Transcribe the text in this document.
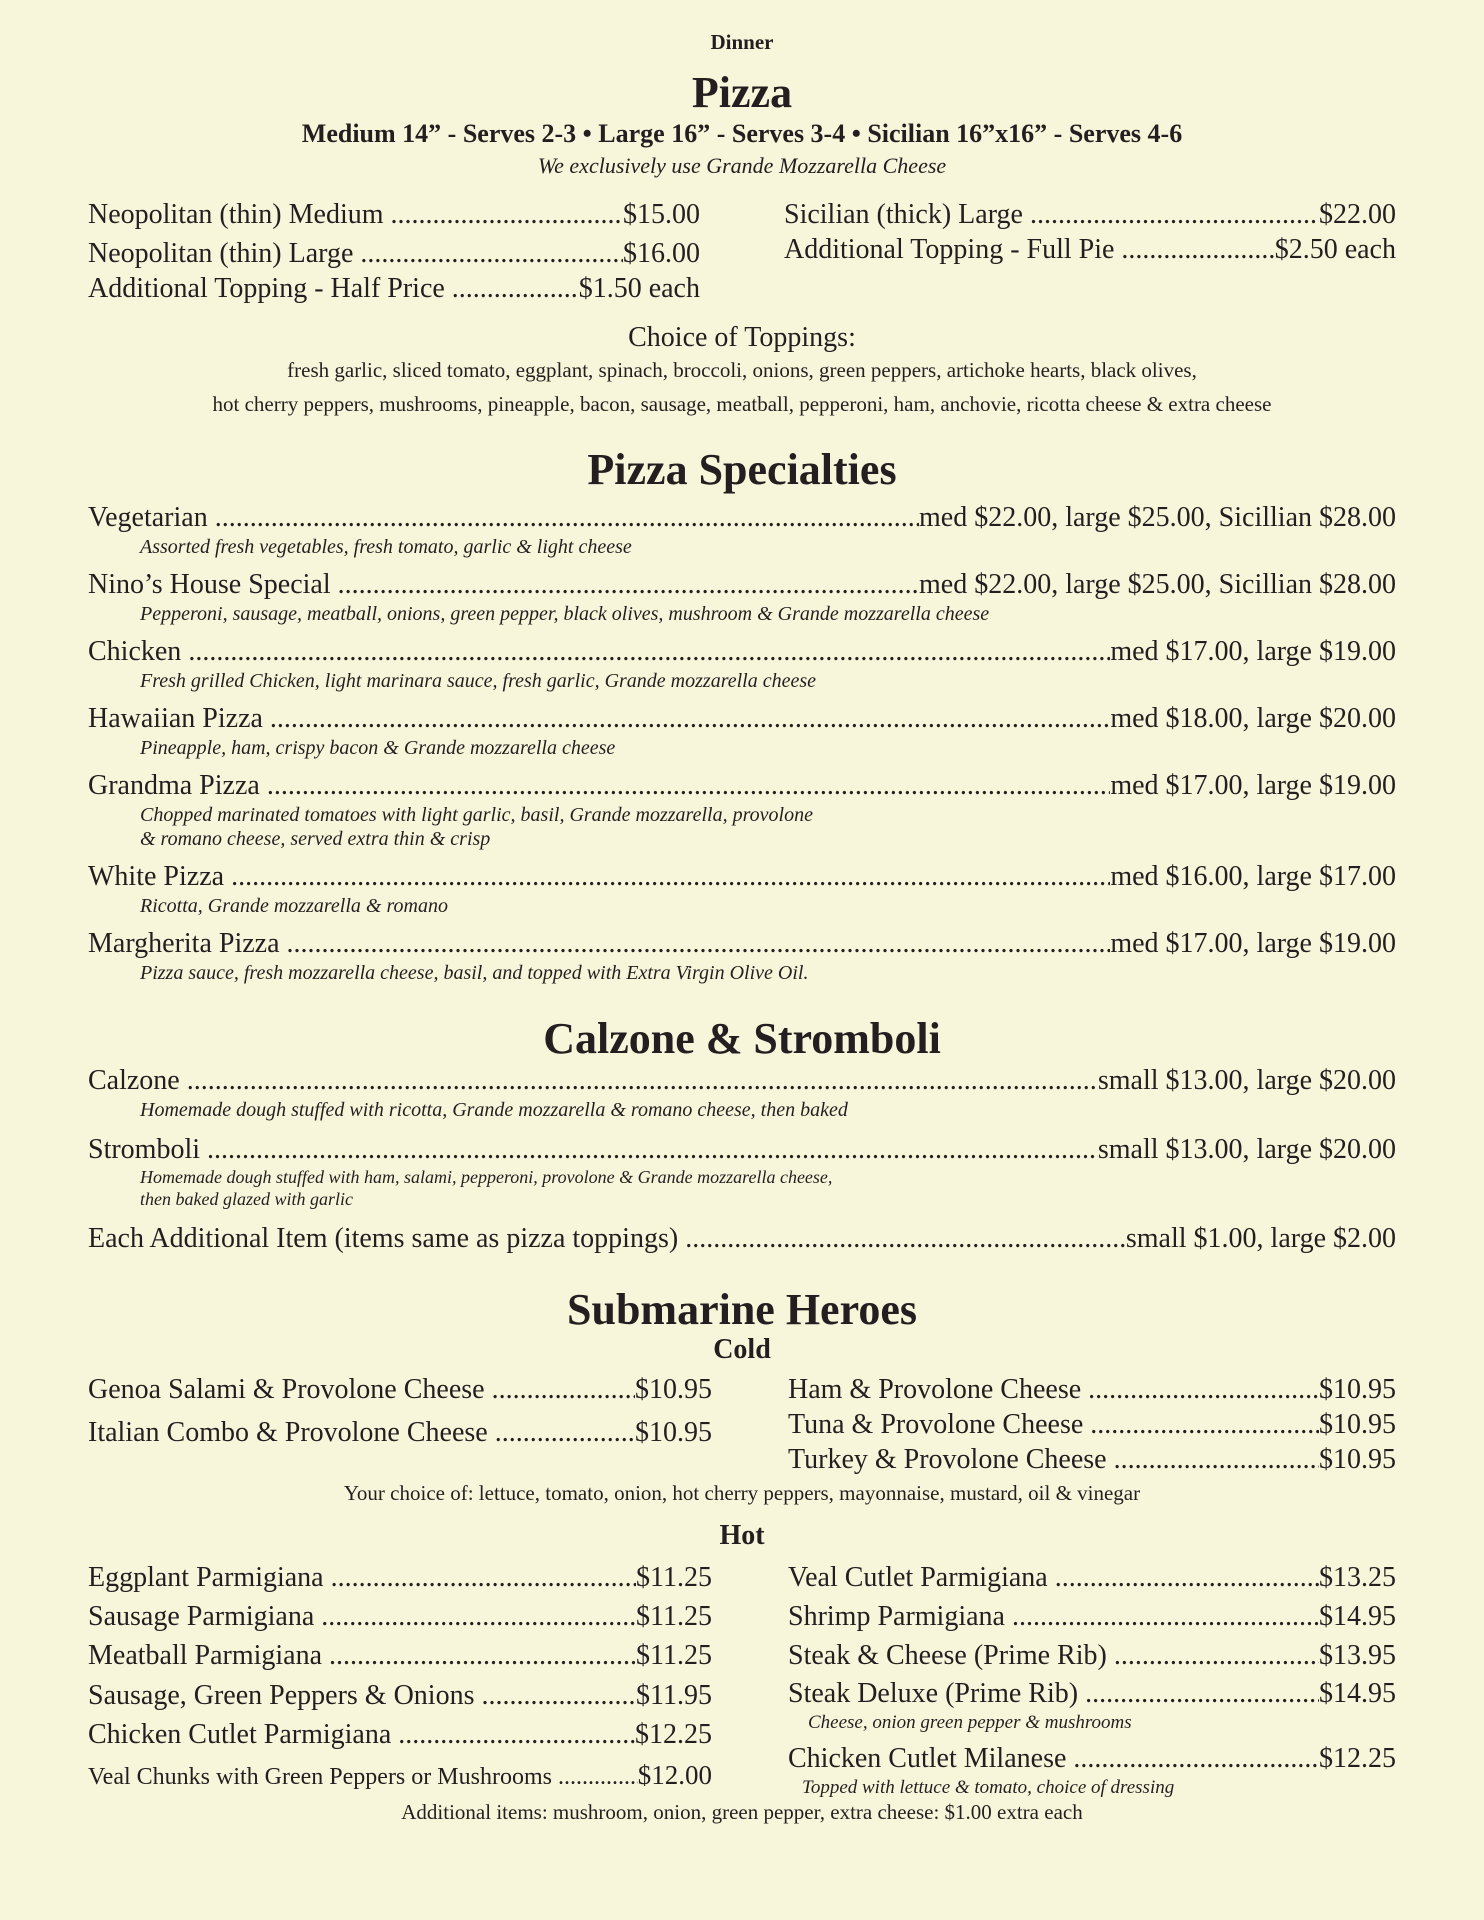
Dinner
Pizza
Medium 14” - Serves 2-3 • Large 16” - Serves 3-4 • Sicilian 16”x16” - Serves 4-6
We exclusively use Grande Mozzarella Cheese
Neopolitan (thin) Medium .....	$15.00
Neopolitan (thin) Large .....	$16.00
Additional Topping - Half Price .....	$1.50 each
Sicilian (thick) Large .....	$22.00
Additional Topping - Full Pie .....	$2.50 each
Choice of Toppings:
fresh garlic, sliced tomato, eggplant, spinach, broccoli, onions, green peppers, artichoke hearts, black olives,
hot cherry peppers, mushrooms, pineapple, bacon, sausage, meatball, pepperoni, ham, anchovie, ricotta cheese & extra cheese
Pizza Specialties
Vegetarian .....	med $22.00, large $25.00, Sicillian $28.00
Assorted fresh vegetables, fresh tomato, garlic & light cheese
Nino’s House Special .....	med $22.00, large $25.00, Sicillian $28.00
Pepperoni, sausage, meatball, onions, green pepper, black olives, mushroom & Grande mozzarella cheese
Chicken .....	med $17.00, large $19.00
Fresh grilled Chicken, light marinara sauce, fresh garlic, Grande mozzarella cheese
Hawaiian Pizza .....	med $18.00, large $20.00
Pineapple, ham, crispy bacon & Grande mozzarella cheese
Grandma Pizza .....	med $17.00, large $19.00
Chopped marinated tomatoes with light garlic, basil, Grande mozzarella, provolone
& romano cheese, served extra thin & crisp
White Pizza .....	med $16.00, large $17.00
Ricotta, Grande mozzarella & romano
Margherita Pizza .....	med $17.00, large $19.00
Pizza sauce, fresh mozzarella cheese, basil, and topped with Extra Virgin Olive Oil.
Calzone & Stromboli
Calzone .....	small $13.00, large $20.00
Homemade dough stuffed with ricotta, Grande mozzarella & romano cheese, then baked
Stromboli .....	small $13.00, large $20.00
Homemade dough stuffed with ham, salami, pepperoni, provolone & Grande mozzarella cheese,
then baked glazed with garlic
Each Additional Item (items same as pizza toppings) .....	small $1.00, large $2.00
Submarine Heroes
Cold
Genoa Salami & Provolone Cheese .....	$10.95
Italian Combo & Provolone Cheese .....	$10.95
Ham & Provolone Cheese .....	$10.95
Tuna & Provolone Cheese .....	$10.95
Turkey & Provolone Cheese .....	$10.95
Your choice of: lettuce, tomato, onion, hot cherry peppers, mayonnaise, mustard, oil & vinegar
Hot
Eggplant Parmigiana .....	$11.25
Sausage Parmigiana .....	$11.25
Meatball Parmigiana .....	$11.25
Sausage, Green Peppers & Onions .....	$11.95
Chicken Cutlet Parmigiana .....	$12.25
Veal Chunks with Green Peppers or Mushrooms .....	$12.00
Veal Cutlet Parmigiana .....	$13.25
Shrimp Parmigiana .....	$14.95
Steak & Cheese (Prime Rib) .....	$13.95
Steak Deluxe (Prime Rib) .....	$14.95
Cheese, onion green pepper & mushrooms
Chicken Cutlet Milanese .....	$12.25
Topped with lettuce & tomato, choice of dressing
Additional items: mushroom, onion, green pepper, extra cheese: $1.00 extra each
